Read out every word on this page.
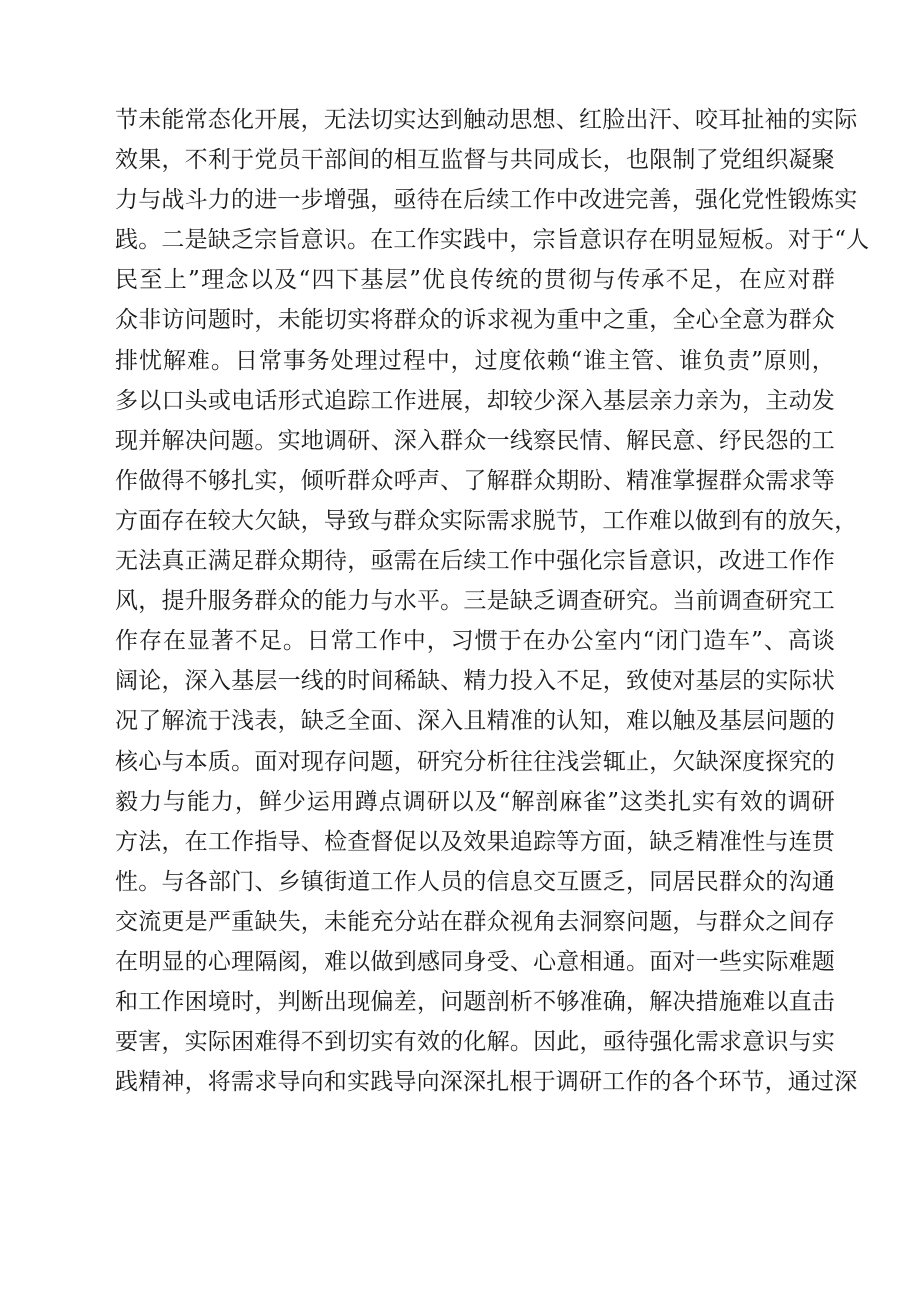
节未能常态化开展，无法切实达到触动思想、红脸出汗、咬耳扯袖的实际
效果，不利于党员干部间的相互监督与共同成长，也限制了党组织凝聚
力与战斗力的进一步增强，亟待在后续工作中改进完善，强化党性锻炼实
践。二是缺乏宗旨意识。在工作实践中，宗旨意识存在明显短板。对于“人
民至上”理念以及“四下基层”优良传统的贯彻与传承不足，在应对群
众非访问题时，未能切实将群众的诉求视为重中之重，全心全意为群众
排忧解难。日常事务处理过程中，过度依赖“谁主管、谁负责”原则，
多以口头或电话形式追踪工作进展，却较少深入基层亲力亲为，主动发
现并解决问题。实地调研、深入群众一线察民情、解民意、纾民怨的工
作做得不够扎实，倾听群众呼声、了解群众期盼、精准掌握群众需求等
方面存在较大欠缺，导致与群众实际需求脱节，工作难以做到有的放矢，
无法真正满足群众期待，亟需在后续工作中强化宗旨意识，改进工作作
风，提升服务群众的能力与水平。三是缺乏调查研究。当前调查研究工
作存在显著不足。日常工作中，习惯于在办公室内“闭门造车”、高谈
阔论，深入基层一线的时间稀缺、精力投入不足，致使对基层的实际状
况了解流于浅表，缺乏全面、深入且精准的认知，难以触及基层问题的
核心与本质。面对现存问题，研究分析往往浅尝辄止，欠缺深度探究的
毅力与能力，鲜少运用蹲点调研以及“解剖麻雀”这类扎实有效的调研
方法，在工作指导、检查督促以及效果追踪等方面，缺乏精准性与连贯
性。与各部门、乡镇街道工作人员的信息交互匮乏，同居民群众的沟通
交流更是严重缺失，未能充分站在群众视角去洞察问题，与群众之间存
在明显的心理隔阂，难以做到感同身受、心意相通。面对一些实际难题
和工作困境时，判断出现偏差，问题剖析不够准确，解决措施难以直击
要害，实际困难得不到切实有效的化解。因此，亟待强化需求意识与实
践精神，将需求导向和实践导向深深扎根于调研工作的各个环节，通过深
